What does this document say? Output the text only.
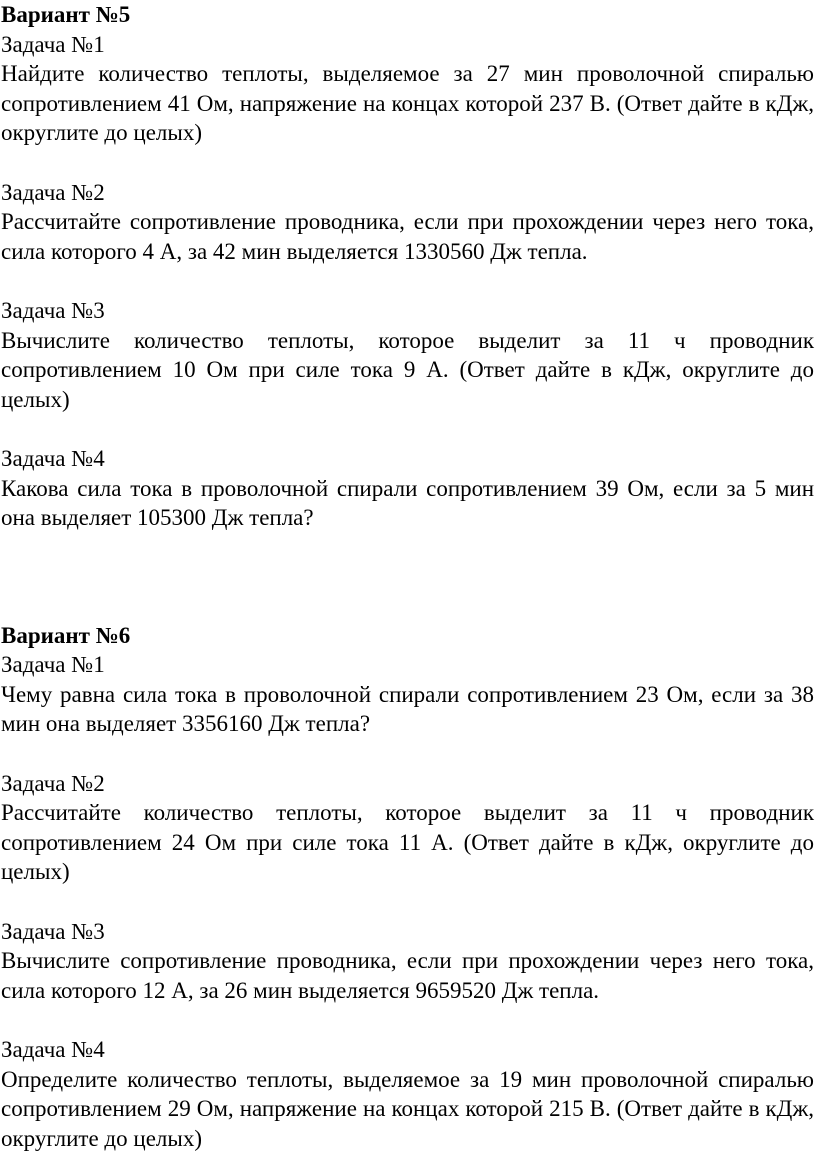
Вариант №5

Задача №1

Найдите количество теплоты, выделяемое за 27 мин проволочной спиралью сопротивлением 41 Ом, напряжение на концах которой 237 В. (Ответ дайте в кДж, округлите до целых)

Задача №2

Рассчитайте сопротивление проводника, если при прохождении через него тока, сила которого 4 А, за 42 мин выделяется 1330560 Дж тепла.

Задача №3

Вычислите количество теплоты, которое выделит за 11 ч проводник сопротивлением 10 Ом при силе тока 9 А. (Ответ дайте в кДж, округлите до целых)

Задача №4

Какова сила тока в проволочной спирали сопротивлением 39 Ом, если за 5 мин она выделяет 105300 Дж тепла?

Вариант №6

Задача №1

Чему равна сила тока в проволочной спирали сопротивлением 23 Ом, если за 38 мин она выделяет 3356160 Дж тепла?

Задача №2

Рассчитайте количество теплоты, которое выделит за 11 ч проводник сопротивлением 24 Ом при силе тока 11 А. (Ответ дайте в кДж, округлите до целых)

Задача №3

Вычислите сопротивление проводника, если при прохождении через него тока, сила которого 12 А, за 26 мин выделяется 9659520 Дж тепла.

Задача №4

Определите количество теплоты, выделяемое за 19 мин проволочной спиралью сопротивлением 29 Ом, напряжение на концах которой 215 В. (Ответ дайте в кДж, округлите до целых)
